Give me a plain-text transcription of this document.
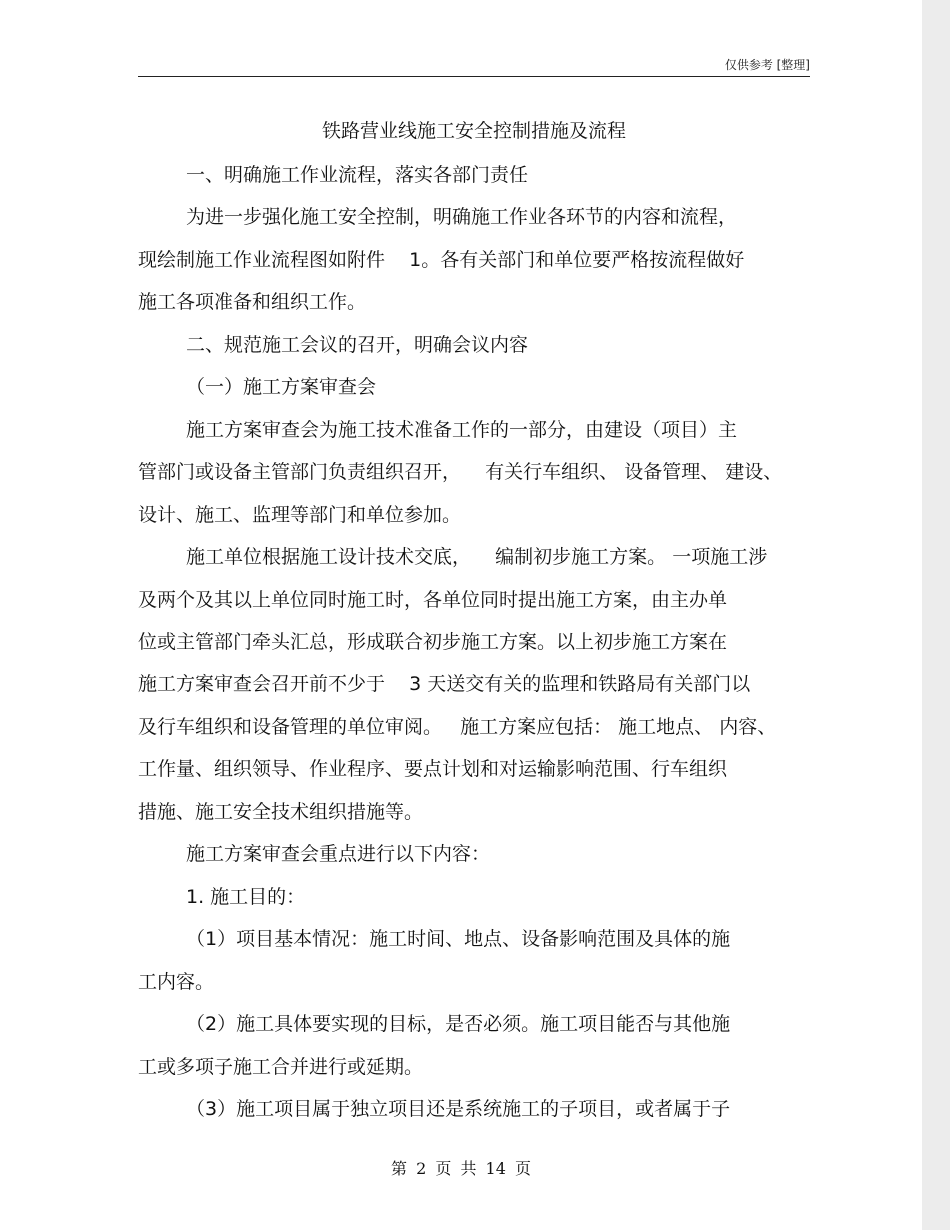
仅供参考 [整理]
铁路营业线施工安全控制措施及流程
一、明确施工作业流程，落实各部门责任
为进一步强化施工安全控制，明确施工作业各环节的内容和流程，
现绘制施工作业流程图如附件    1。各有关部门和单位要严格按流程做好
施工各项准备和组织工作。
二、规范施工会议的召开，明确会议内容
（一）施工方案审查会
施工方案审查会为施工技术准备工作的一部分，由建设（项目）主
管部门或设备主管部门负责组织召开，    有关行车组织、 设备管理、 建设、
设计、施工、监理等部门和单位参加。
施工单位根据施工设计技术交底，    编制初步施工方案。 一项施工涉
及两个及其以上单位同时施工时，各单位同时提出施工方案，由主办单
位或主管部门牵头汇总，形成联合初步施工方案。以上初步施工方案在
施工方案审查会召开前不少于    3 天送交有关的监理和铁路局有关部门以
及行车组织和设备管理的单位审阅。   施工方案应包括： 施工地点、 内容、
工作量、组织领导、作业程序、要点计划和对运输影响范围、行车组织
措施、施工安全技术组织措施等。
施工方案审查会重点进行以下内容：
1. 施工目的：
（1）项目基本情况：施工时间、地点、设备影响范围及具体的施
工内容。
（2）施工具体要实现的目标，是否必须。施工项目能否与其他施
工或多项子施工合并进行或延期。
（3）施工项目属于独立项目还是系统施工的子项目，或者属于子
第 2 页 共 14 页
